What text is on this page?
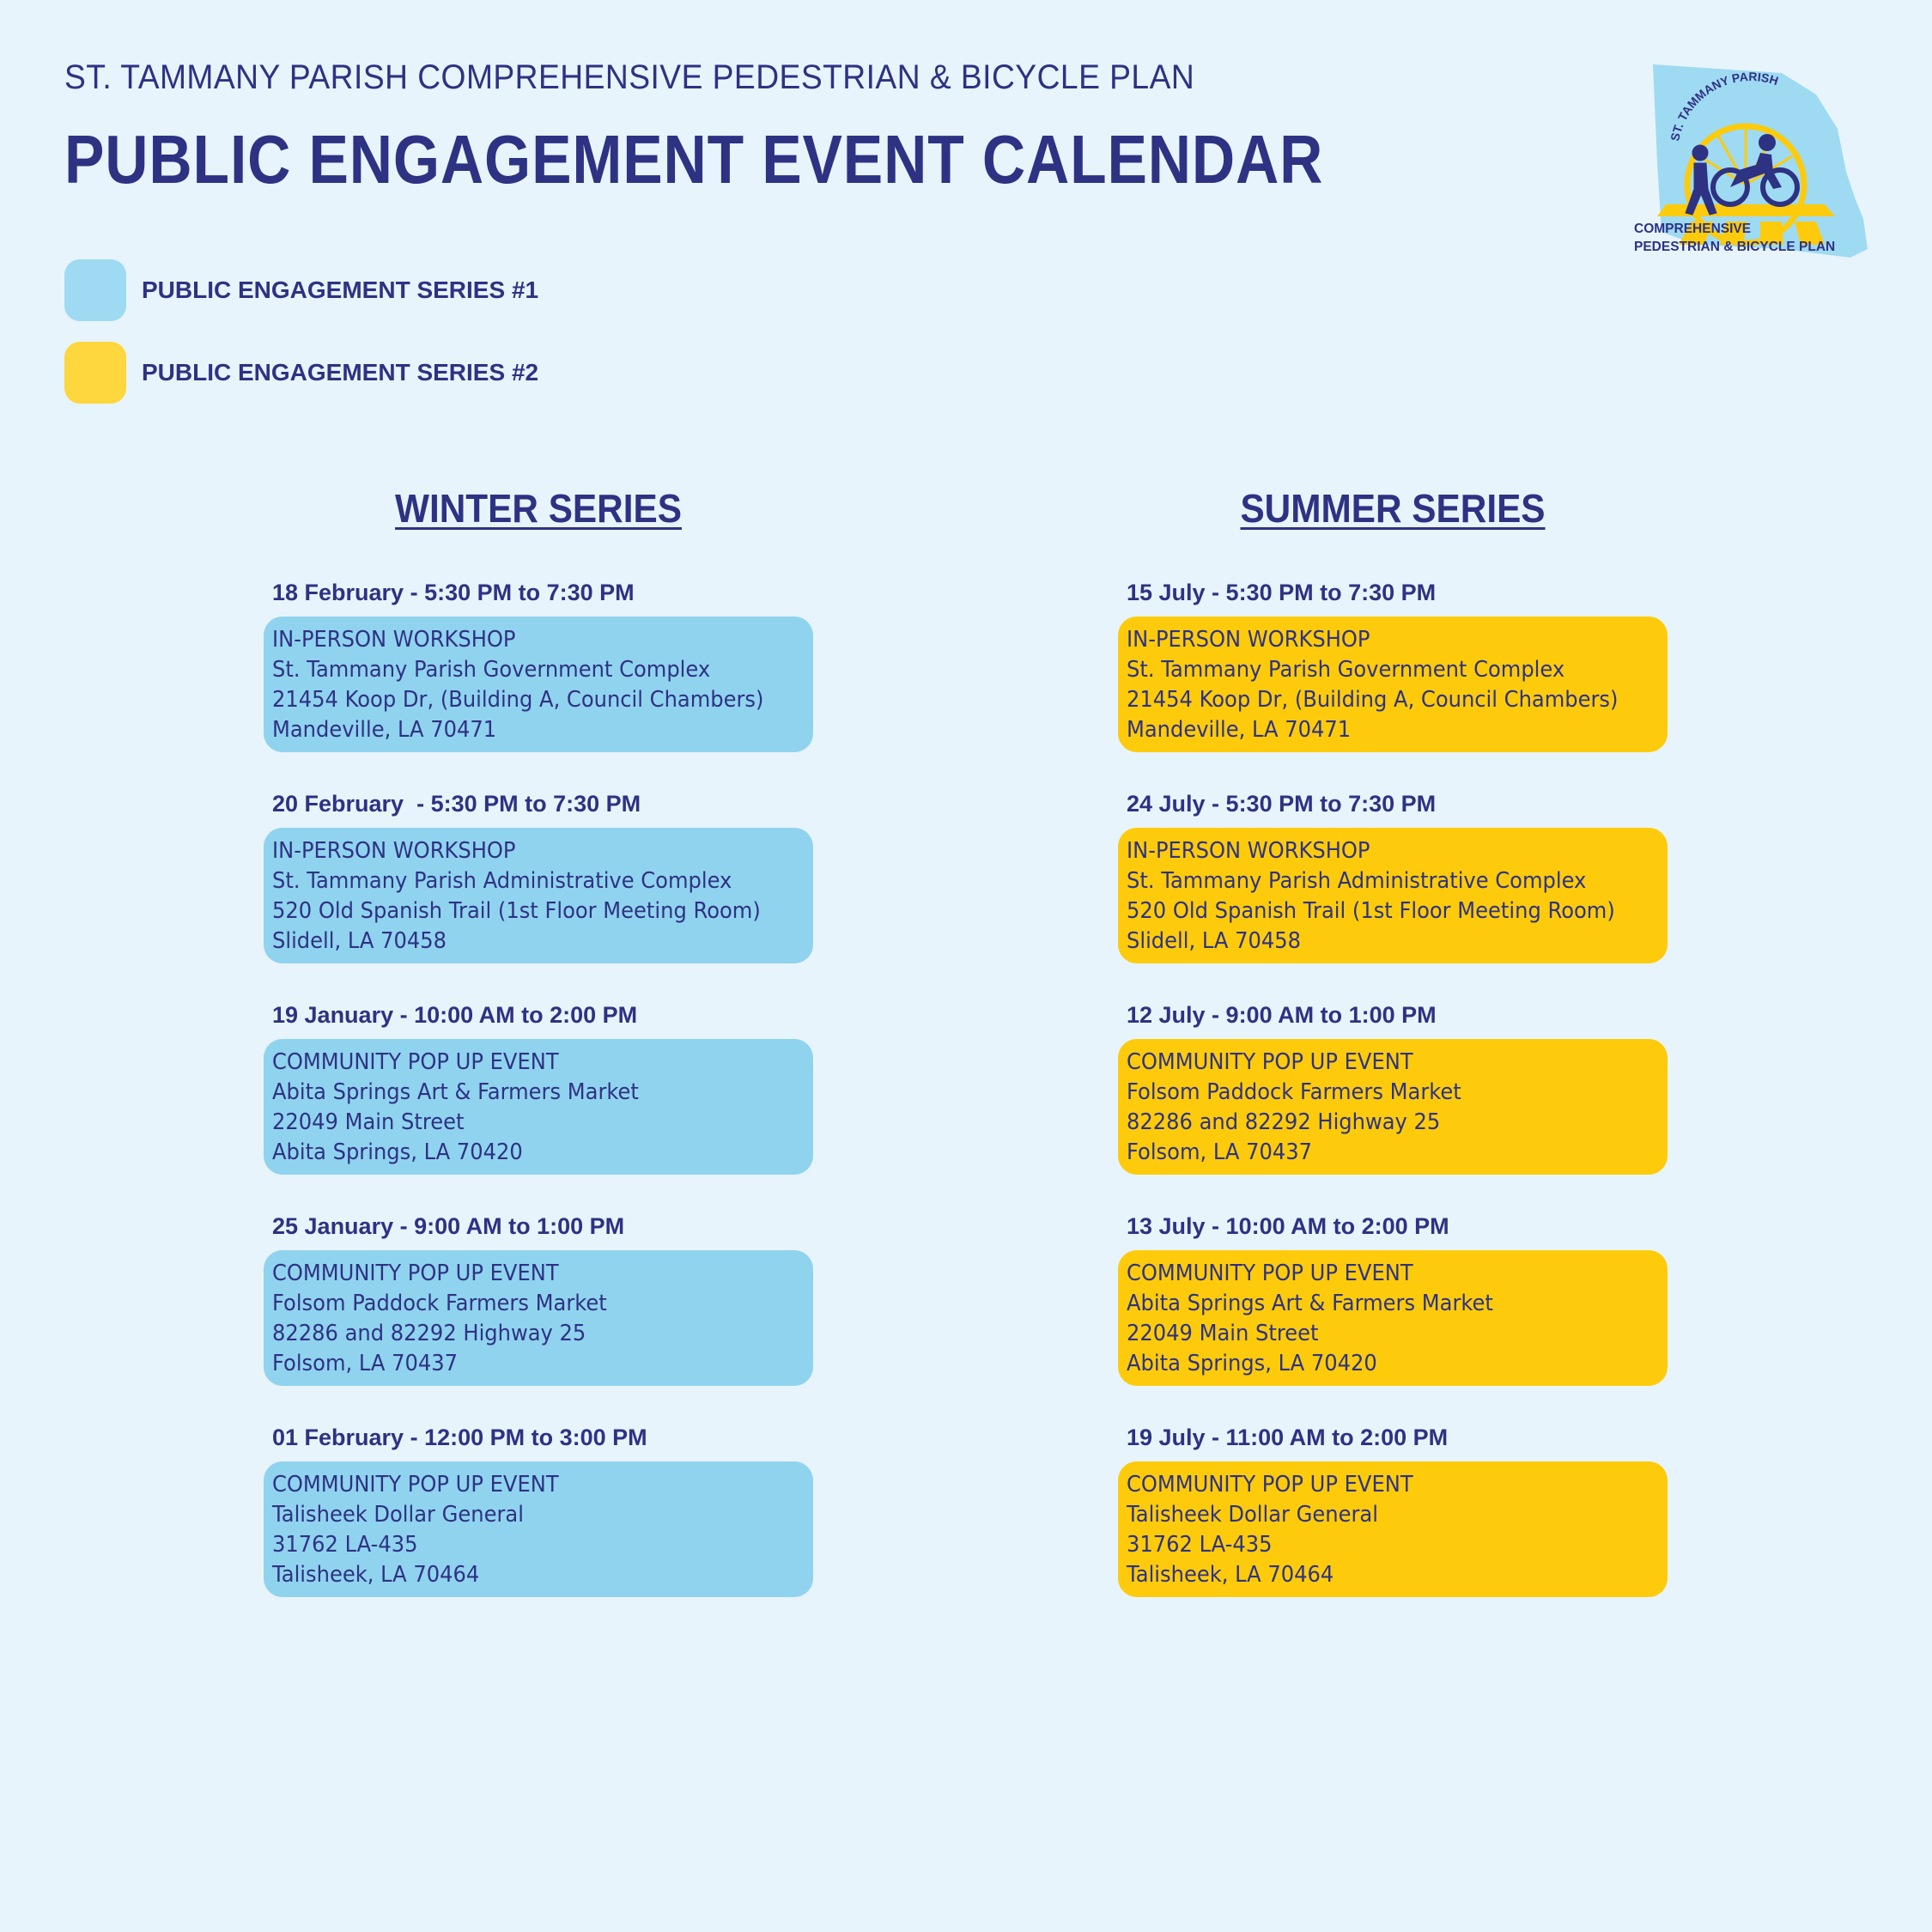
ST. TAMMANY PARISH COMPREHENSIVE PEDESTRIAN & BICYCLE PLAN
PUBLIC ENGAGEMENT EVENT CALENDAR
PUBLIC ENGAGEMENT SERIES #1
PUBLIC ENGAGEMENT SERIES #2
ST. TAMMANY PARISH
COMPREHENSIVE
PEDESTRIAN & BICYCLE PLAN
WINTER SERIES
18 February - 5:30 PM to 7:30 PM
IN-PERSON WORKSHOP
St. Tammany Parish Government Complex
21454 Koop Dr, (Building A, Council Chambers)
Mandeville, LA 70471
20 February  - 5:30 PM to 7:30 PM
IN-PERSON WORKSHOP
St. Tammany Parish Administrative Complex
520 Old Spanish Trail (1st Floor Meeting Room)
Slidell, LA 70458
19 January - 10:00 AM to 2:00 PM
COMMUNITY POP UP EVENT
Abita Springs Art & Farmers Market
22049 Main Street
Abita Springs, LA 70420
25 January - 9:00 AM to 1:00 PM
COMMUNITY POP UP EVENT
Folsom Paddock Farmers Market
82286 and 82292 Highway 25
Folsom, LA 70437
01 February - 12:00 PM to 3:00 PM
COMMUNITY POP UP EVENT
Talisheek Dollar General
31762 LA-435
Talisheek, LA 70464
SUMMER SERIES
15 July - 5:30 PM to 7:30 PM
IN-PERSON WORKSHOP
St. Tammany Parish Government Complex
21454 Koop Dr, (Building A, Council Chambers)
Mandeville, LA 70471
24 July - 5:30 PM to 7:30 PM
IN-PERSON WORKSHOP
St. Tammany Parish Administrative Complex
520 Old Spanish Trail (1st Floor Meeting Room)
Slidell, LA 70458
12 July - 9:00 AM to 1:00 PM
COMMUNITY POP UP EVENT
Folsom Paddock Farmers Market
82286 and 82292 Highway 25
Folsom, LA 70437
13 July - 10:00 AM to 2:00 PM
COMMUNITY POP UP EVENT
Abita Springs Art & Farmers Market
22049 Main Street
Abita Springs, LA 70420
19 July - 11:00 AM to 2:00 PM
COMMUNITY POP UP EVENT
Talisheek Dollar General
31762 LA-435
Talisheek, LA 70464
